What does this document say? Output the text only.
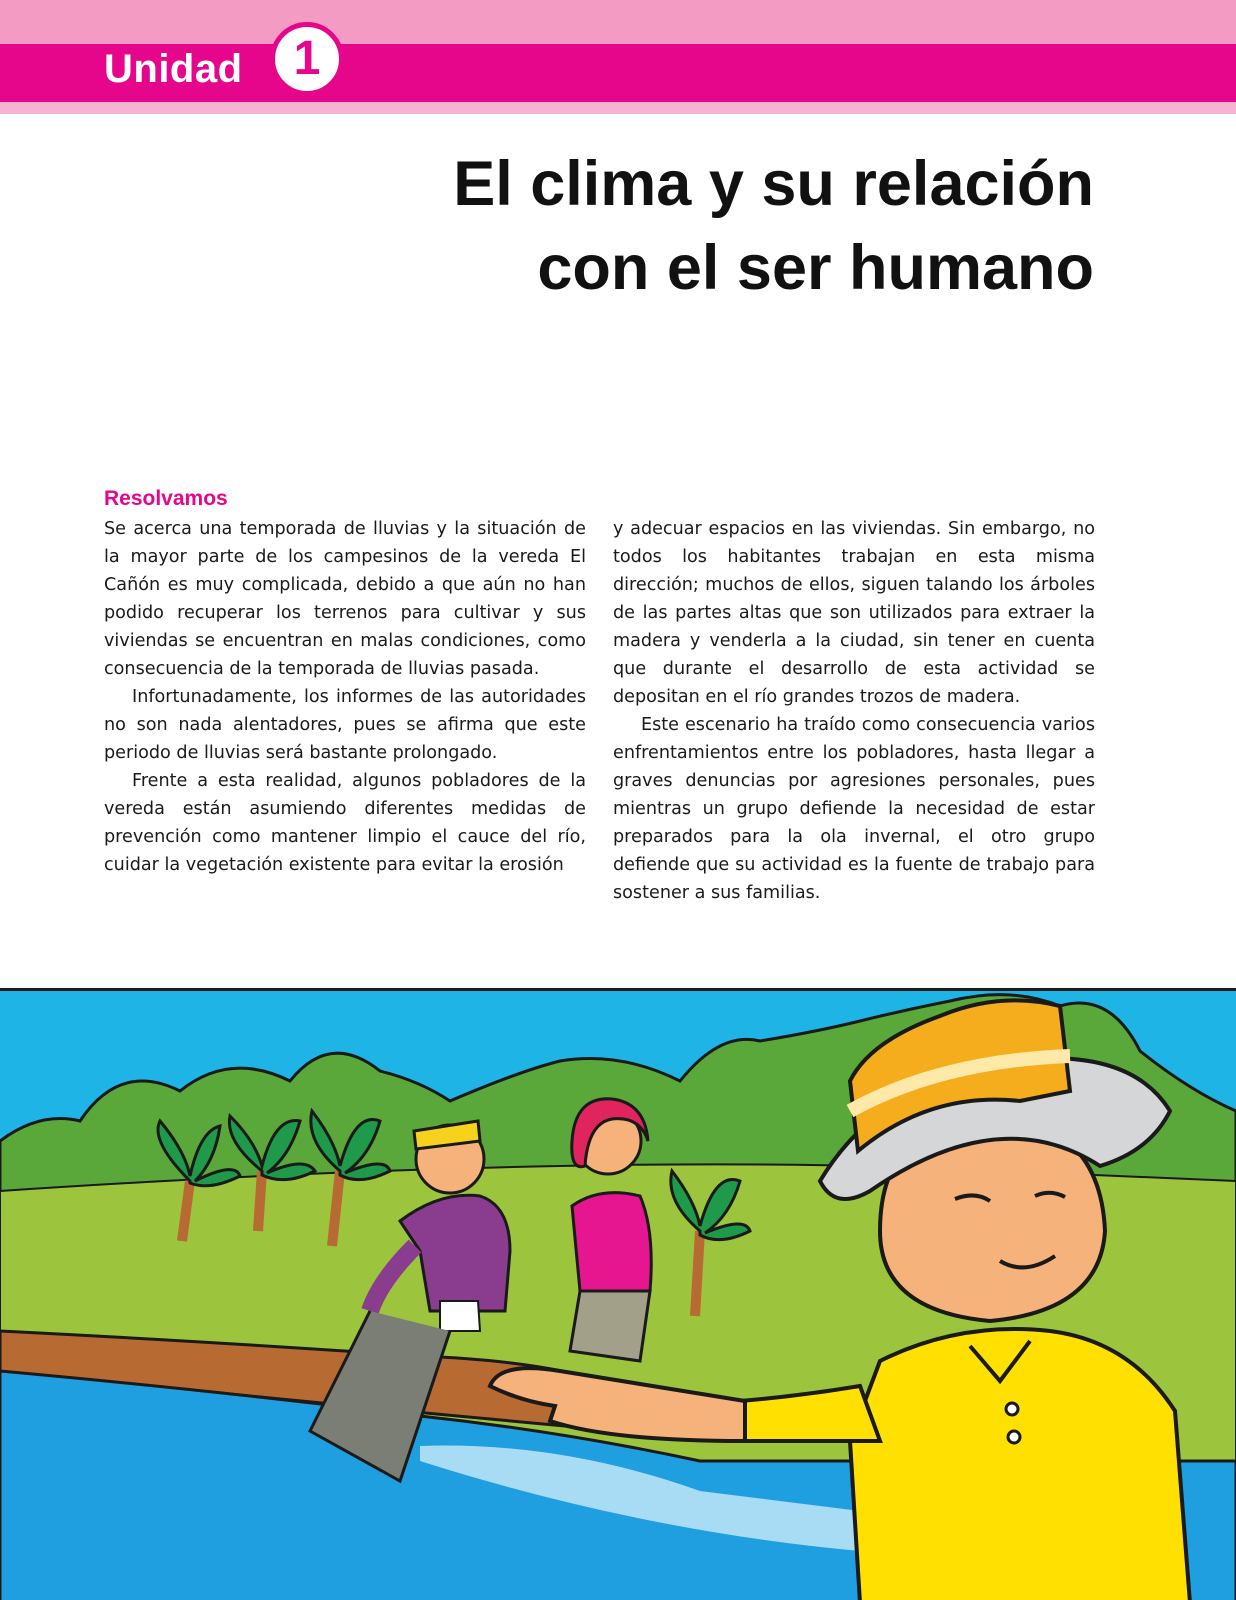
Unidad 1
El clima y su relación
con el ser humano
Resolvamos

Se acerca una temporada de lluvias y la situación de la mayor parte de los campesinos de la vereda El Cañón es muy complicada, debido a que aún no han podido recuperar los terrenos para cultivar y sus viviendas se encuentran en malas condiciones, como consecuencia de la temporada de lluvias pasada.

Infortunadamente, los informes de las autoridades no son nada alentadores, pues se afirma que este periodo de lluvias será bastante prolongado.

Frente a esta realidad, algunos pobladores de la vereda están asumiendo diferentes medidas de prevención como mantener limpio el cauce del río, cuidar la vegetación existente para evitar la erosión

y adecuar espacios en las viviendas. Sin embargo, no todos los habitantes trabajan en esta misma dirección; muchos de ellos, siguen talando los árboles de las partes altas que son utilizados para extraer la madera y venderla a la ciudad, sin tener en cuenta que durante el desarrollo de esta actividad se depositan en el río grandes trozos de madera.

Este escenario ha traído como consecuencia varios enfrentamientos entre los pobladores, hasta llegar a graves denuncias por agresiones personales, pues mientras un grupo defiende la necesidad de estar preparados para la ola invernal, el otro grupo defiende que su actividad es la fuente de trabajo para sostener a sus familias.
